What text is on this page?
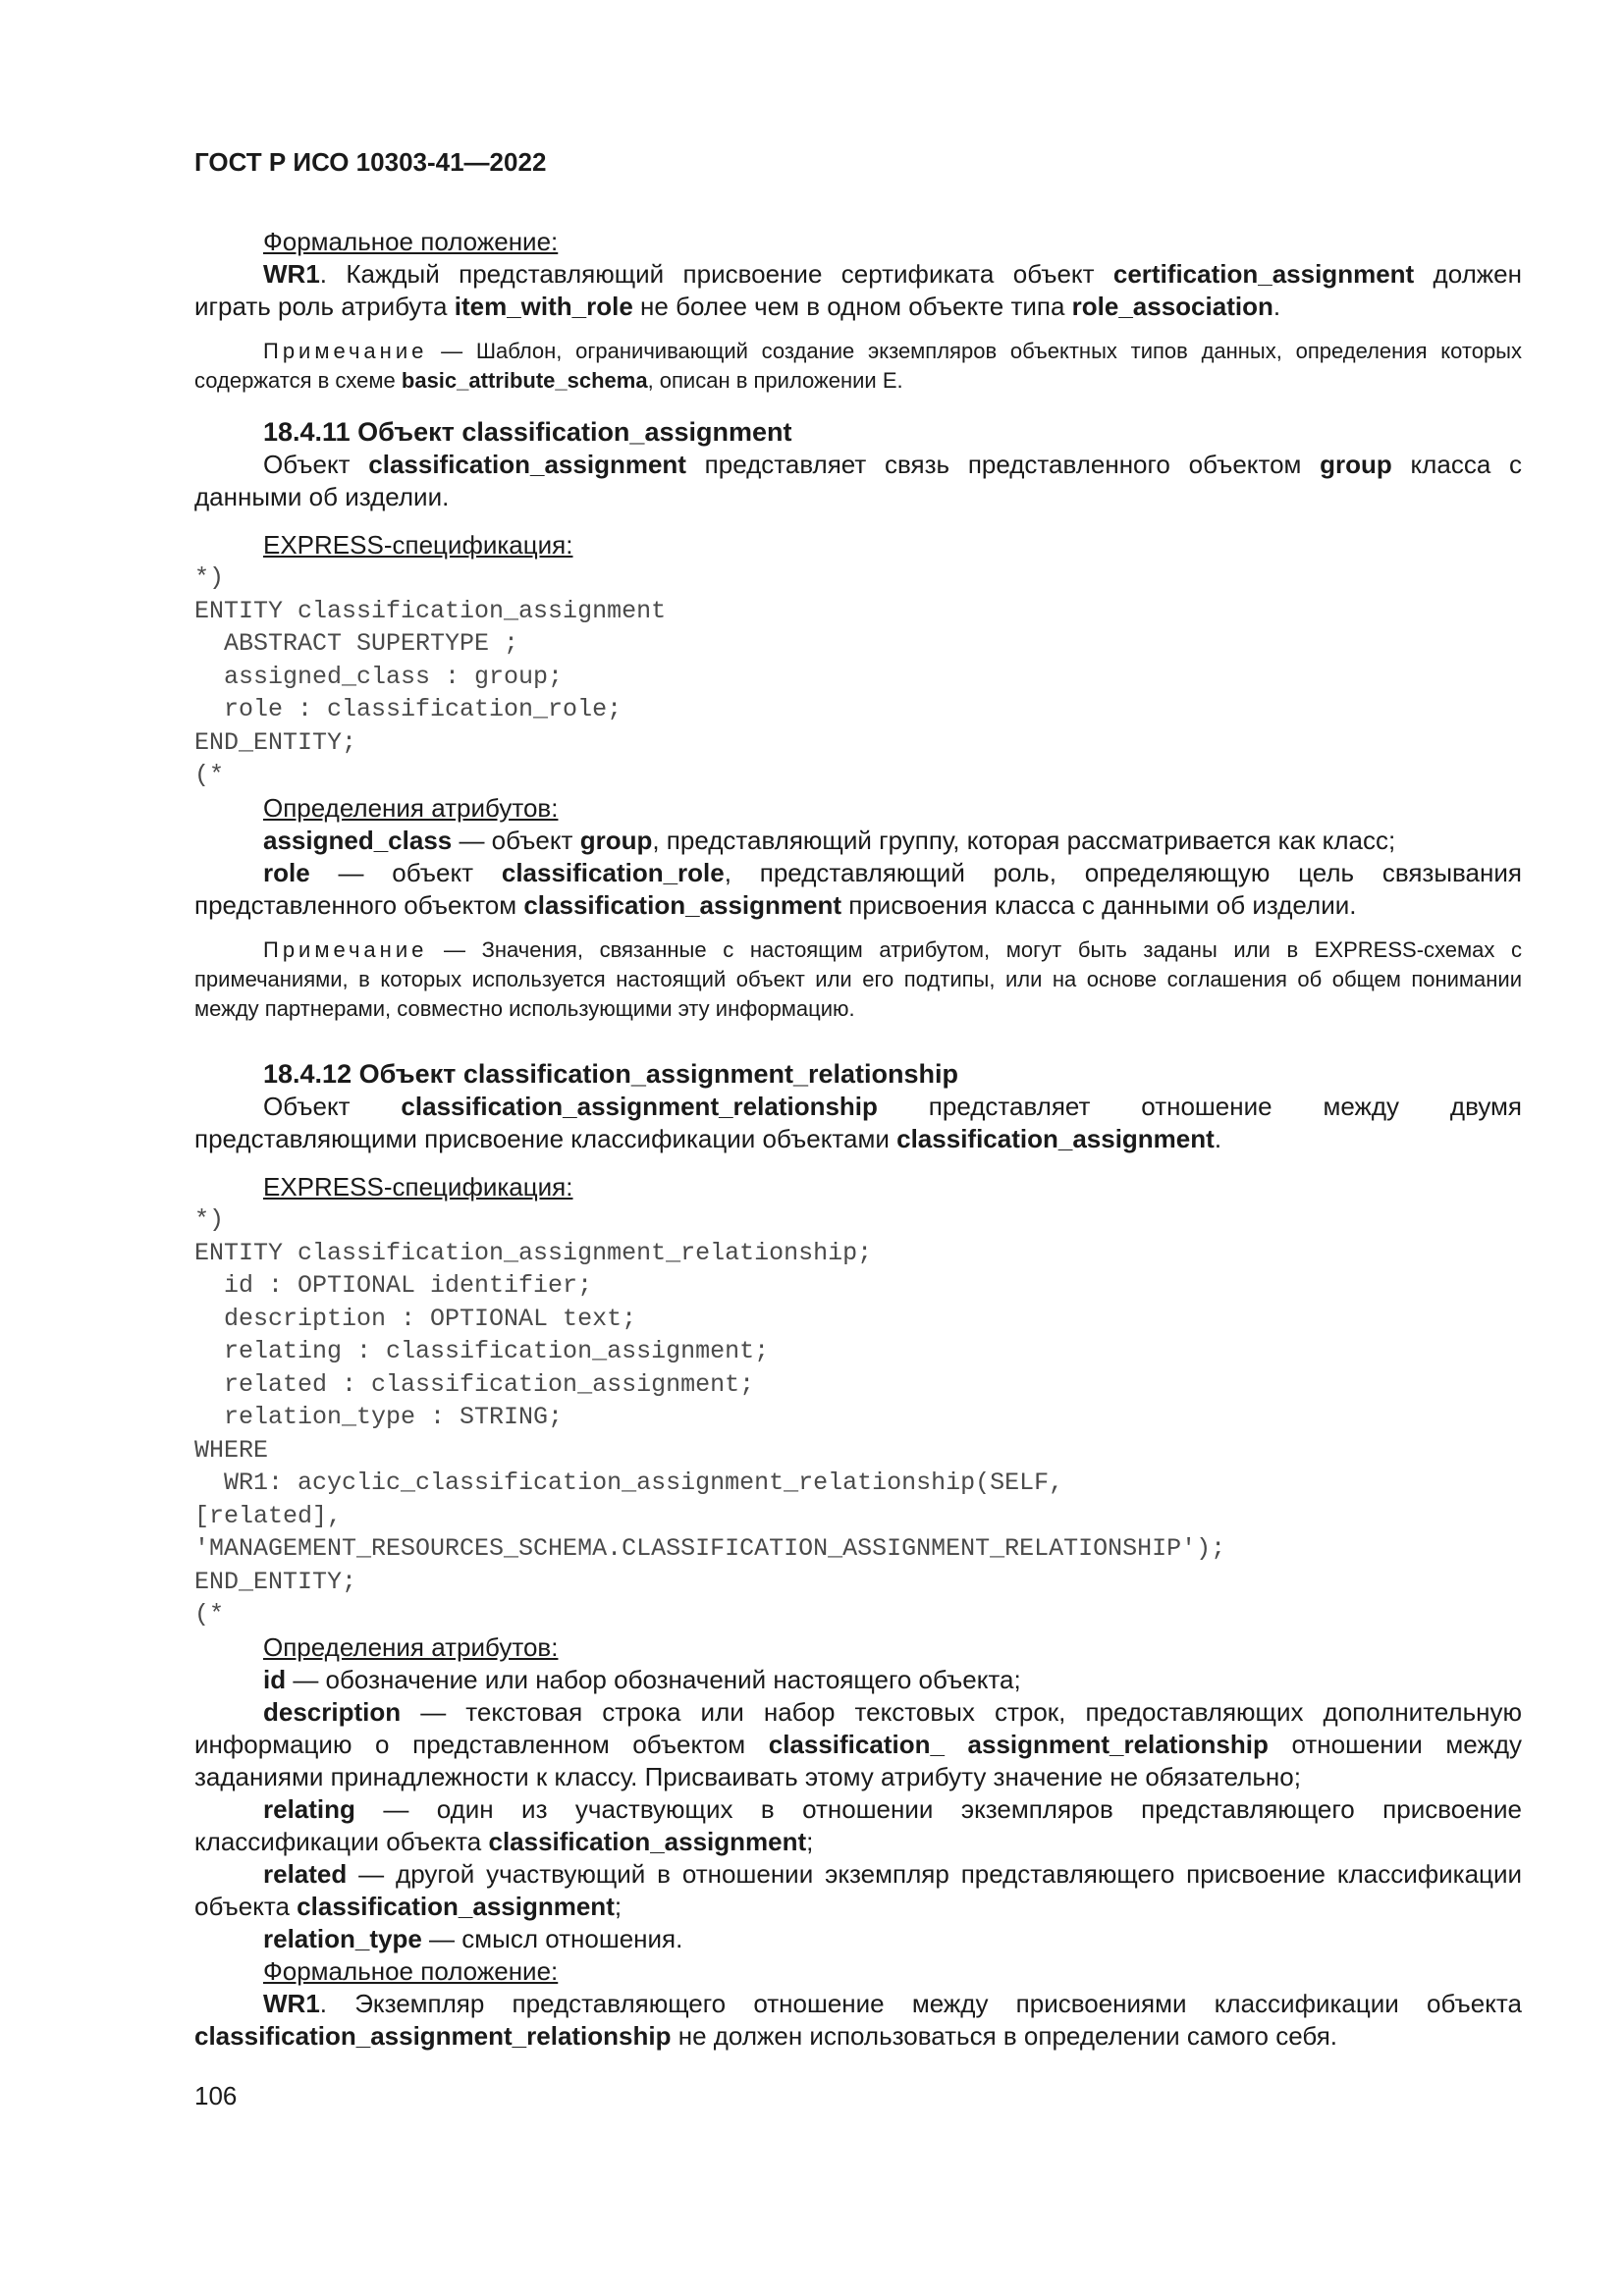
ГОСТ Р ИСО 10303-41—2022
Формальное положение:

WR1. Каждый представляющий присвоение сертификата объект certification_assignment должен играть роль атрибута item_with_role не более чем в одном объекте типа role_association.

Примечание — Шаблон, ограничивающий создание экземпляров объектных типов данных, определения которых содержатся в схеме basic_attribute_schema, описан в приложении Е.

18.4.11 Объект classification_assignment

Объект classification_assignment представляет связь представленного объектом group класса с данными об изделии.

EXPRESS-спецификация:
*)
ENTITY classification_assignment
ABSTRACT SUPERTYPE ;
assigned_class : group;
role : classification_role;
END_ENTITY;
(*
Определения атрибутов:

assigned_class — объект group, представляющий группу, которая рассматривается как класс;

role — объект classification_role, представляющий роль, определяющую цель связывания представленного объектом classification_assignment присвоения класса с данными об изделии.

Примечание — Значения, связанные с настоящим атрибутом, могут быть заданы или в EXPRESS-схемах с примечаниями, в которых используется настоящий объект или его подтипы, или на основе соглашения об общем понимании между партнерами, совместно использующими эту информацию.

18.4.12 Объект classification_assignment_relationship

Объект classification_assignment_relationship представляет отношение между двумя представляющими присвоение классификации объектами classification_assignment.

EXPRESS-спецификация:
*)
ENTITY classification_assignment_relationship;
id : OPTIONAL identifier;
description : OPTIONAL text;
relating : classification_assignment;
related : classification_assignment;
relation_type : STRING;
WHERE
WR1: acyclic_classification_assignment_relationship(SELF,
[related],
'MANAGEMENT_RESOURCES_SCHEMA.CLASSIFICATION_ASSIGNMENT_RELATIONSHIP');
END_ENTITY;
(*
Определения атрибутов:

id — обозначение или набор обозначений настоящего объекта;

description — текстовая строка или набор текстовых строк, предоставляющих дополнительную информацию о представленном объектом classification_ assignment_relationship отношении между заданиями принадлежности к классу. Присваивать этому атрибуту значение не обязательно;

relating — один из участвующих в отношении экземпляров представляющего присвоение классификации объекта classification_assignment;

related — другой участвующий в отношении экземпляр представляющего присвоение классификации объекта classification_assignment;

relation_type — смысл отношения.

Формальное положение:

WR1. Экземпляр представляющего отношение между присвоениями классификации объекта classification_assignment_relationship не должен использоваться в определении самого себя.

106
